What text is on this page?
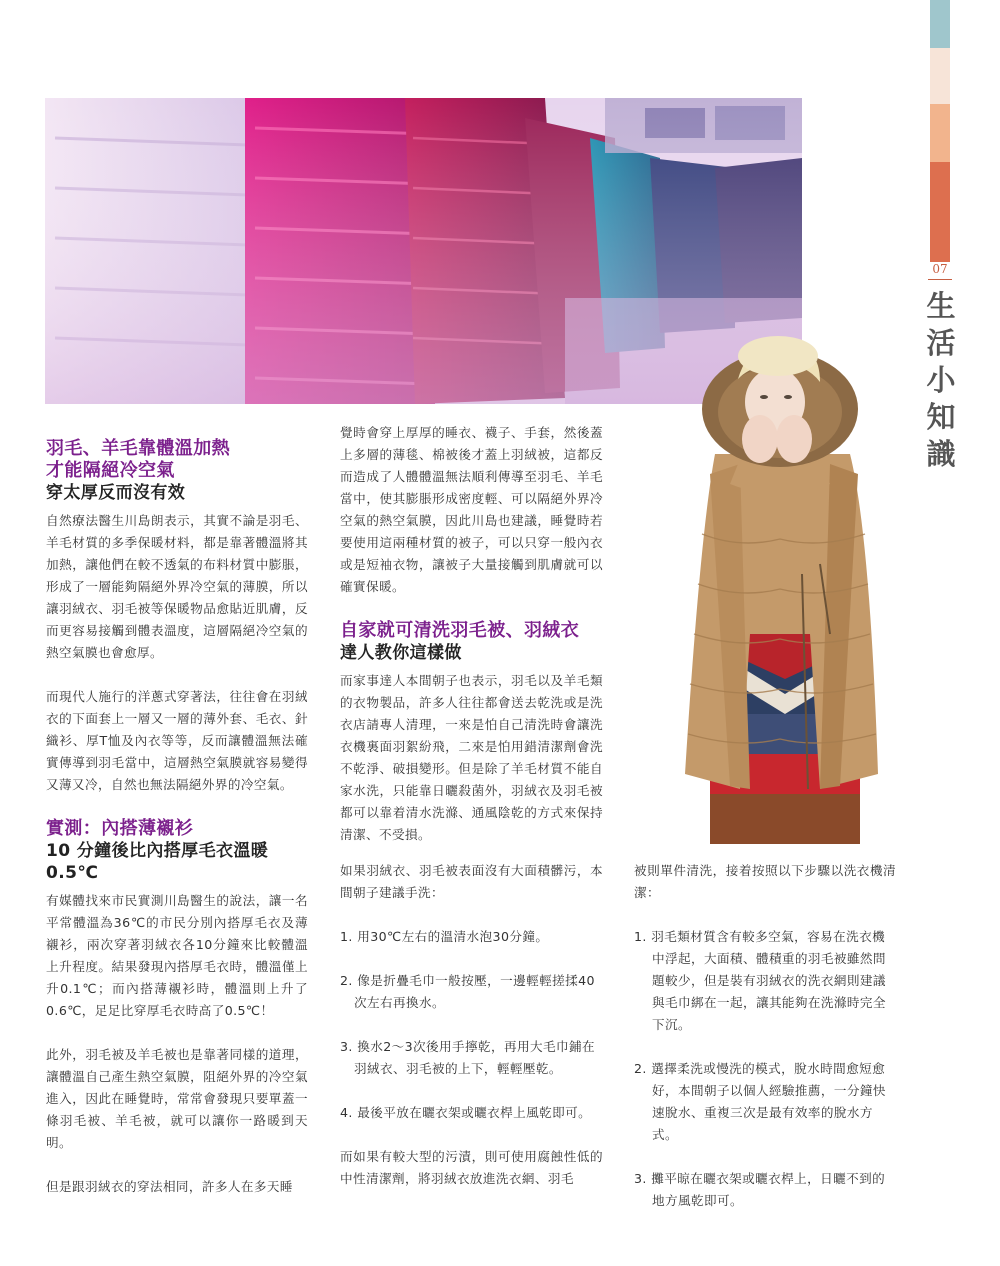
07
生
活
小
知
識
羽毛、羊毛靠體溫加熱
才能隔絕冷空氣
穿太厚反而沒有效

自然療法醫生川島朗表示，其實不論是羽毛、羊毛材質的多季保暖材料，都是靠著體溫將其加熱，讓他們在較不透氣的布料材質中膨脹，形成了一層能夠隔絕外界冷空氣的薄膜，所以讓羽絨衣、羽毛被等保暖物品愈貼近肌膚，反而更容易接觸到體表溫度，這層隔絕冷空氣的熱空氣膜也會愈厚。

而現代人施行的洋蔥式穿著法，往往會在羽絨衣的下面套上一層又一層的薄外套、毛衣、針織衫、厚T恤及內衣等等，反而讓體溫無法確實傳導到羽毛當中，這層熱空氣膜就容易變得又薄又冷，自然也無法隔絕外界的冷空氣。

實測：內搭薄襯衫
10 分鐘後比內搭厚毛衣溫暖 0.5℃

有媒體找來市民實測川島醫生的說法，讓一名平常體溫為36℃的市民分別內搭厚毛衣及薄襯衫，兩次穿著羽絨衣各10分鐘來比較體溫上升程度。結果發現內搭厚毛衣時，體溫僅上升0.1℃；而內搭薄襯衫時，體溫則上升了0.6℃，足足比穿厚毛衣時高了0.5℃！

此外，羽毛被及羊毛被也是靠著同樣的道理，讓體溫自己產生熱空氣膜，阻絕外界的冷空氣進入，因此在睡覺時，常常會發現只要單蓋一條羽毛被、羊毛被，就可以讓你一路暖到天明。

但是跟羽絨衣的穿法相同，許多人在多天睡

覺時會穿上厚厚的睡衣、襪子、手套，然後蓋上多層的薄毯、棉被後才蓋上羽絨被，這都反而造成了人體體溫無法順利傳導至羽毛、羊毛當中，使其膨脹形成密度輕、可以隔絕外界冷空氣的熱空氣膜，因此川島也建議，睡覺時若要使用這兩種材質的被子，可以只穿一般內衣或是短袖衣物，讓被子大量接觸到肌膚就可以確實保暖。

自家就可清洗羽毛被、羽絨衣
達人教你這樣做

而家事達人本間朝子也表示，羽毛以及羊毛類的衣物製品，許多人往往都會送去乾洗或是洗衣店請專人清理，一來是怕自己清洗時會讓洗衣機裏面羽絮紛飛，二來是怕用錯清潔劑會洗不乾淨、破損變形。但是除了羊毛材質不能自家水洗，只能靠日曬殺菌外，羽絨衣及羽毛被都可以靠着清水洗滌、通風陰乾的方式來保持清潔、不受損。

如果羽絨衣、羽毛被表面沒有大面積髒污，本間朝子建議手洗：

1. 用30℃左右的溫清水泡30分鐘。
2. 像是折疊毛巾一般按壓，一邊輕輕搓揉40次左右再換水。
3. 換水2～3次後用手擰乾，再用大毛巾鋪在羽絨衣、羽毛被的上下，輕輕壓乾。
4. 最後平放在曬衣架或曬衣桿上風乾即可。

而如果有較大型的污漬，則可使用腐蝕性低的中性清潔劑，將羽絨衣放進洗衣網、羽毛

被則單件清洗，接着按照以下步驟以洗衣機清潔：

1. 羽毛類材質含有較多空氣，容易在洗衣機中浮起，大面積、體積重的羽毛被雖然問題較少，但是裝有羽絨衣的洗衣網則建議與毛巾綁在一起，讓其能夠在洗滌時完全下沉。
2. 選擇柔洗或慢洗的模式，脫水時間愈短愈好，本間朝子以個人經驗推薦，一分鐘快速脫水、重複三次是最有效率的脫水方式。
3. 攤平晾在曬衣架或曬衣桿上，日曬不到的地方風乾即可。
